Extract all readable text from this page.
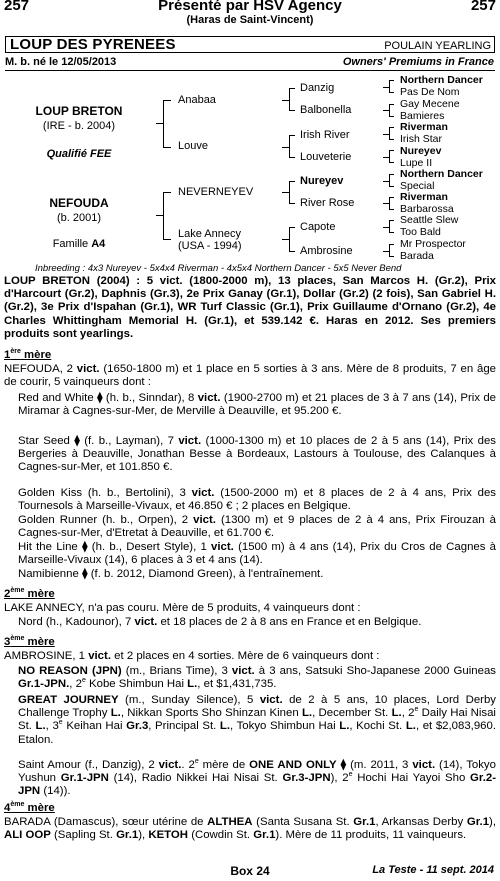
257	Présenté par HSV Agency	257
(Haras de Saint-Vincent)
LOUP DES PYRENEES	POULAIN YEARLING
M. b. né le 12/05/2013	Owners' Premiums in France
LOUP BRETON
(IRE - b. 2004)
Qualifié FEE
NEFOUDA
(b. 2001)
Famille A4
Anabaa
Louve
NEVERNEYEV
Lake Annecy
(USA - 1994)
Danzig
Balbonella
Irish River
Louveterie
Nureyev
River Rose
Capote
Ambrosine
Northern Dancer
Pas De Nom
Gay Mecene
Bamieres
Riverman
Irish Star
Nureyev
Lupe II
Northern Dancer
Special
Riverman
Barbarossa
Seattle Slew
Too Bald
Mr Prospector
Barada
Inbreeding : 4x3 Nureyev - 5x4x4 Riverman - 4x5x4 Northern Dancer - 5x5 Never Bend
LOUP BRETON (2004) : 5 vict. (1800-2000 m), 13 places, San Marcos H. (Gr.2), Prix d'Harcourt (Gr.2), Daphnis (Gr.3), 2e Prix Ganay (Gr.1), Dollar (Gr.2) (2 fois), San Gabriel H. (Gr.2), 3e Prix d'Ispahan (Gr.1), WR Turf Classic (Gr.1), Prix Guillaume d'Ornano (Gr.2), 4e Charles Whittingham Memorial H. (Gr.1), et 539.142 €. Haras en 2012. Ses premiers produits sont yearlings.
1ère mère
NEFOUDA, 2 vict. (1650-1800 m) et 1 place en 5 sorties à 3 ans. Mère de 8 produits, 7 en âge de courir, 5 vainqueurs dont :
Red and White ⧫ (h. b., Sinndar), 8 vict. (1900-2700 m) et 21 places de 3 à 7 ans (14), Prix de Miramar à Cagnes-sur-Mer, de Merville à Deauville, et 95.200 €.
Star Seed ⧫ (f. b., Layman), 7 vict. (1000-1300 m) et 10 places de 2 à 5 ans (14), Prix des Bergeries à Deauville, Jonathan Besse à Bordeaux, Lastours à Toulouse, des Calanques à Cagnes-sur-Mer, et 101.850 €.
Golden Kiss (h. b., Bertolini), 3 vict. (1500-2000 m) et 8 places de 2 à 4 ans, Prix des Tournesols à Marseille-Vivaux, et 46.850 € ; 2 places en Belgique.
Golden Runner (h. b., Orpen), 2 vict. (1300 m) et 9 places de 2 à 4 ans, Prix Firouzan à Cagnes-sur-Mer, d'Etretat à Deauville, et 61.700 €.
Hit the Line ⧫ (h. b., Desert Style), 1 vict. (1500 m) à 4 ans (14), Prix du Cros de Cagnes à Marseille-Vivaux (14), 6 places à 3 et 4 ans (14).
Namibienne ⧫ (f. b. 2012, Diamond Green), à l'entraînement.
2ème mère
LAKE ANNECY, n'a pas couru. Mère de 5 produits, 4 vainqueurs dont :
Nord (h., Kadounor), 7 vict. et 18 places de 2 à 8 ans en France et en Belgique.
3ème mère
AMBROSINE, 1 vict. et 2 places en 4 sorties. Mère de 6 vainqueurs dont :
NO REASON (JPN) (m., Brians Time), 3 vict. à 3 ans, Satsuki Sho-Japanese 2000 Guineas Gr.1-JPN., 2e Kobe Shimbun Hai L., et $1,431,735.
GREAT JOURNEY (m., Sunday Silence), 5 vict. de 2 à 5 ans, 10 places, Lord Derby Challenge Trophy L., Nikkan Sports Sho Shinzan Kinen L., December St. L., 2e Daily Hai Nisai St. L., 3e Keihan Hai Gr.3, Principal St. L., Tokyo Shimbun Hai L., Kochi St. L., et $2,083,960. Etalon.
Saint Amour (f., Danzig), 2 vict.. 2e mère de ONE AND ONLY ⧫ (m. 2011, 3 vict. (14), Tokyo Yushun Gr.1-JPN (14), Radio Nikkei Hai Nisai St. Gr.3-JPN), 2e Hochi Hai Yayoi Sho Gr.2-JPN (14)).
4ème mère
BARADA (Damascus), sœur utérine de ALTHEA (Santa Susana St. Gr.1, Arkansas Derby Gr.1), ALI OOP (Sapling St. Gr.1), KETOH (Cowdin St. Gr.1). Mère de 11 produits, 11 vainqueurs.
Box 24	La Teste - 11 sept. 2014
